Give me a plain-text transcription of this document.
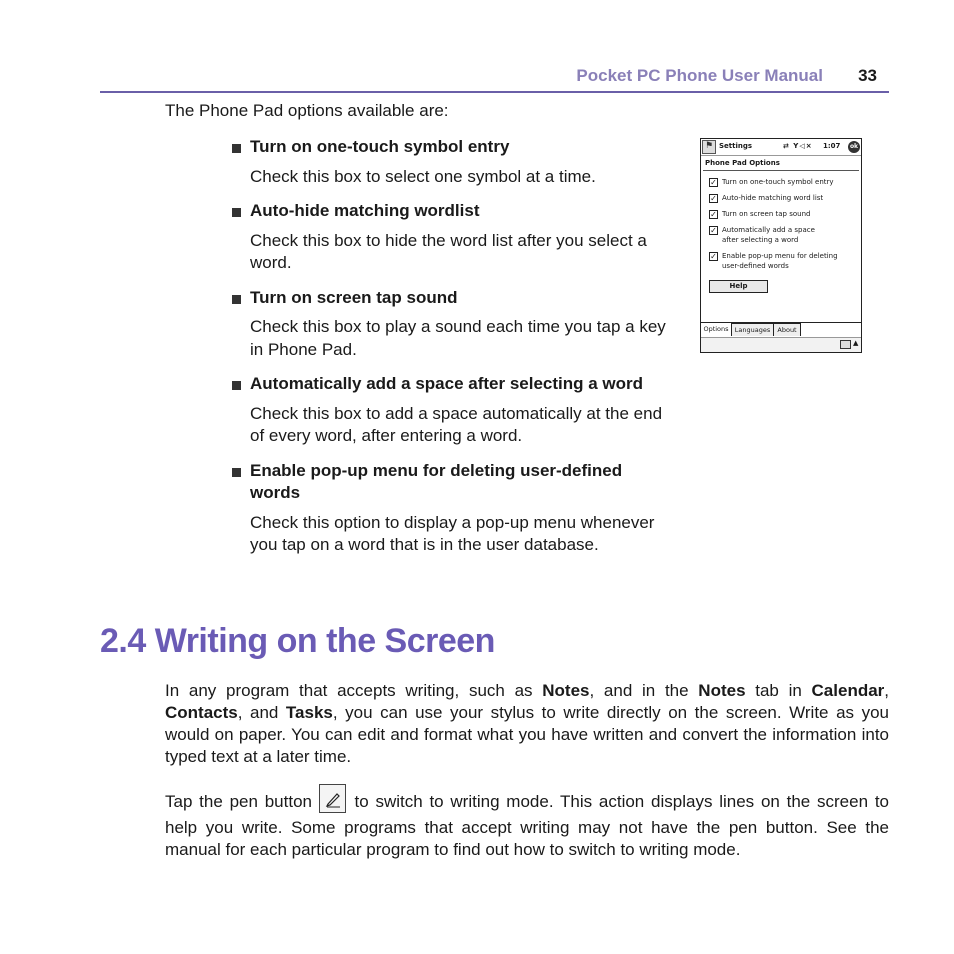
Pocket PC Phone User Manual 33
The Phone Pad options available are:
Turn on one-touch symbol entry
Check this box to select one symbol at a time.
Auto-hide matching wordlist
Check this box to hide the word list after you select a word.
Turn on screen tap sound
Check this box to play a sound each time you tap a key in Phone Pad.
Automatically add a space after selecting a word
Check this box to add a space automatically at the end of every word, after entering a word.
Enable pop-up menu for deleting user-defined words
Check this option to display a pop-up menu whenever you tap on a word that is in the user database.
⚑ Settings	⇄ Y◁× 1:07	ok
Phone Pad Options
✓ Turn on one-touch symbol entry
✓ Auto-hide matching word list
✓ Turn on screen tap sound
✓ Automatically add a space after selecting a word
✓ Enable pop-up menu for deleting user-defined words
Help
Options Languages	About
▲
2.4 Writing on the Screen

In any program that accepts writing, such as Notes, and in the Notes tab in Calendar, Contacts, and Tasks, you can use your stylus to write directly on the screen. Write as you would on paper. You can edit and format what you have written and convert the information into typed text at a later time.

Tap the pen button
to switch to writing mode. This action displays lines on the screen to help you write. Some programs that accept writing may not have the pen button. See the manual for each particular program to find out how to switch to writing mode.
